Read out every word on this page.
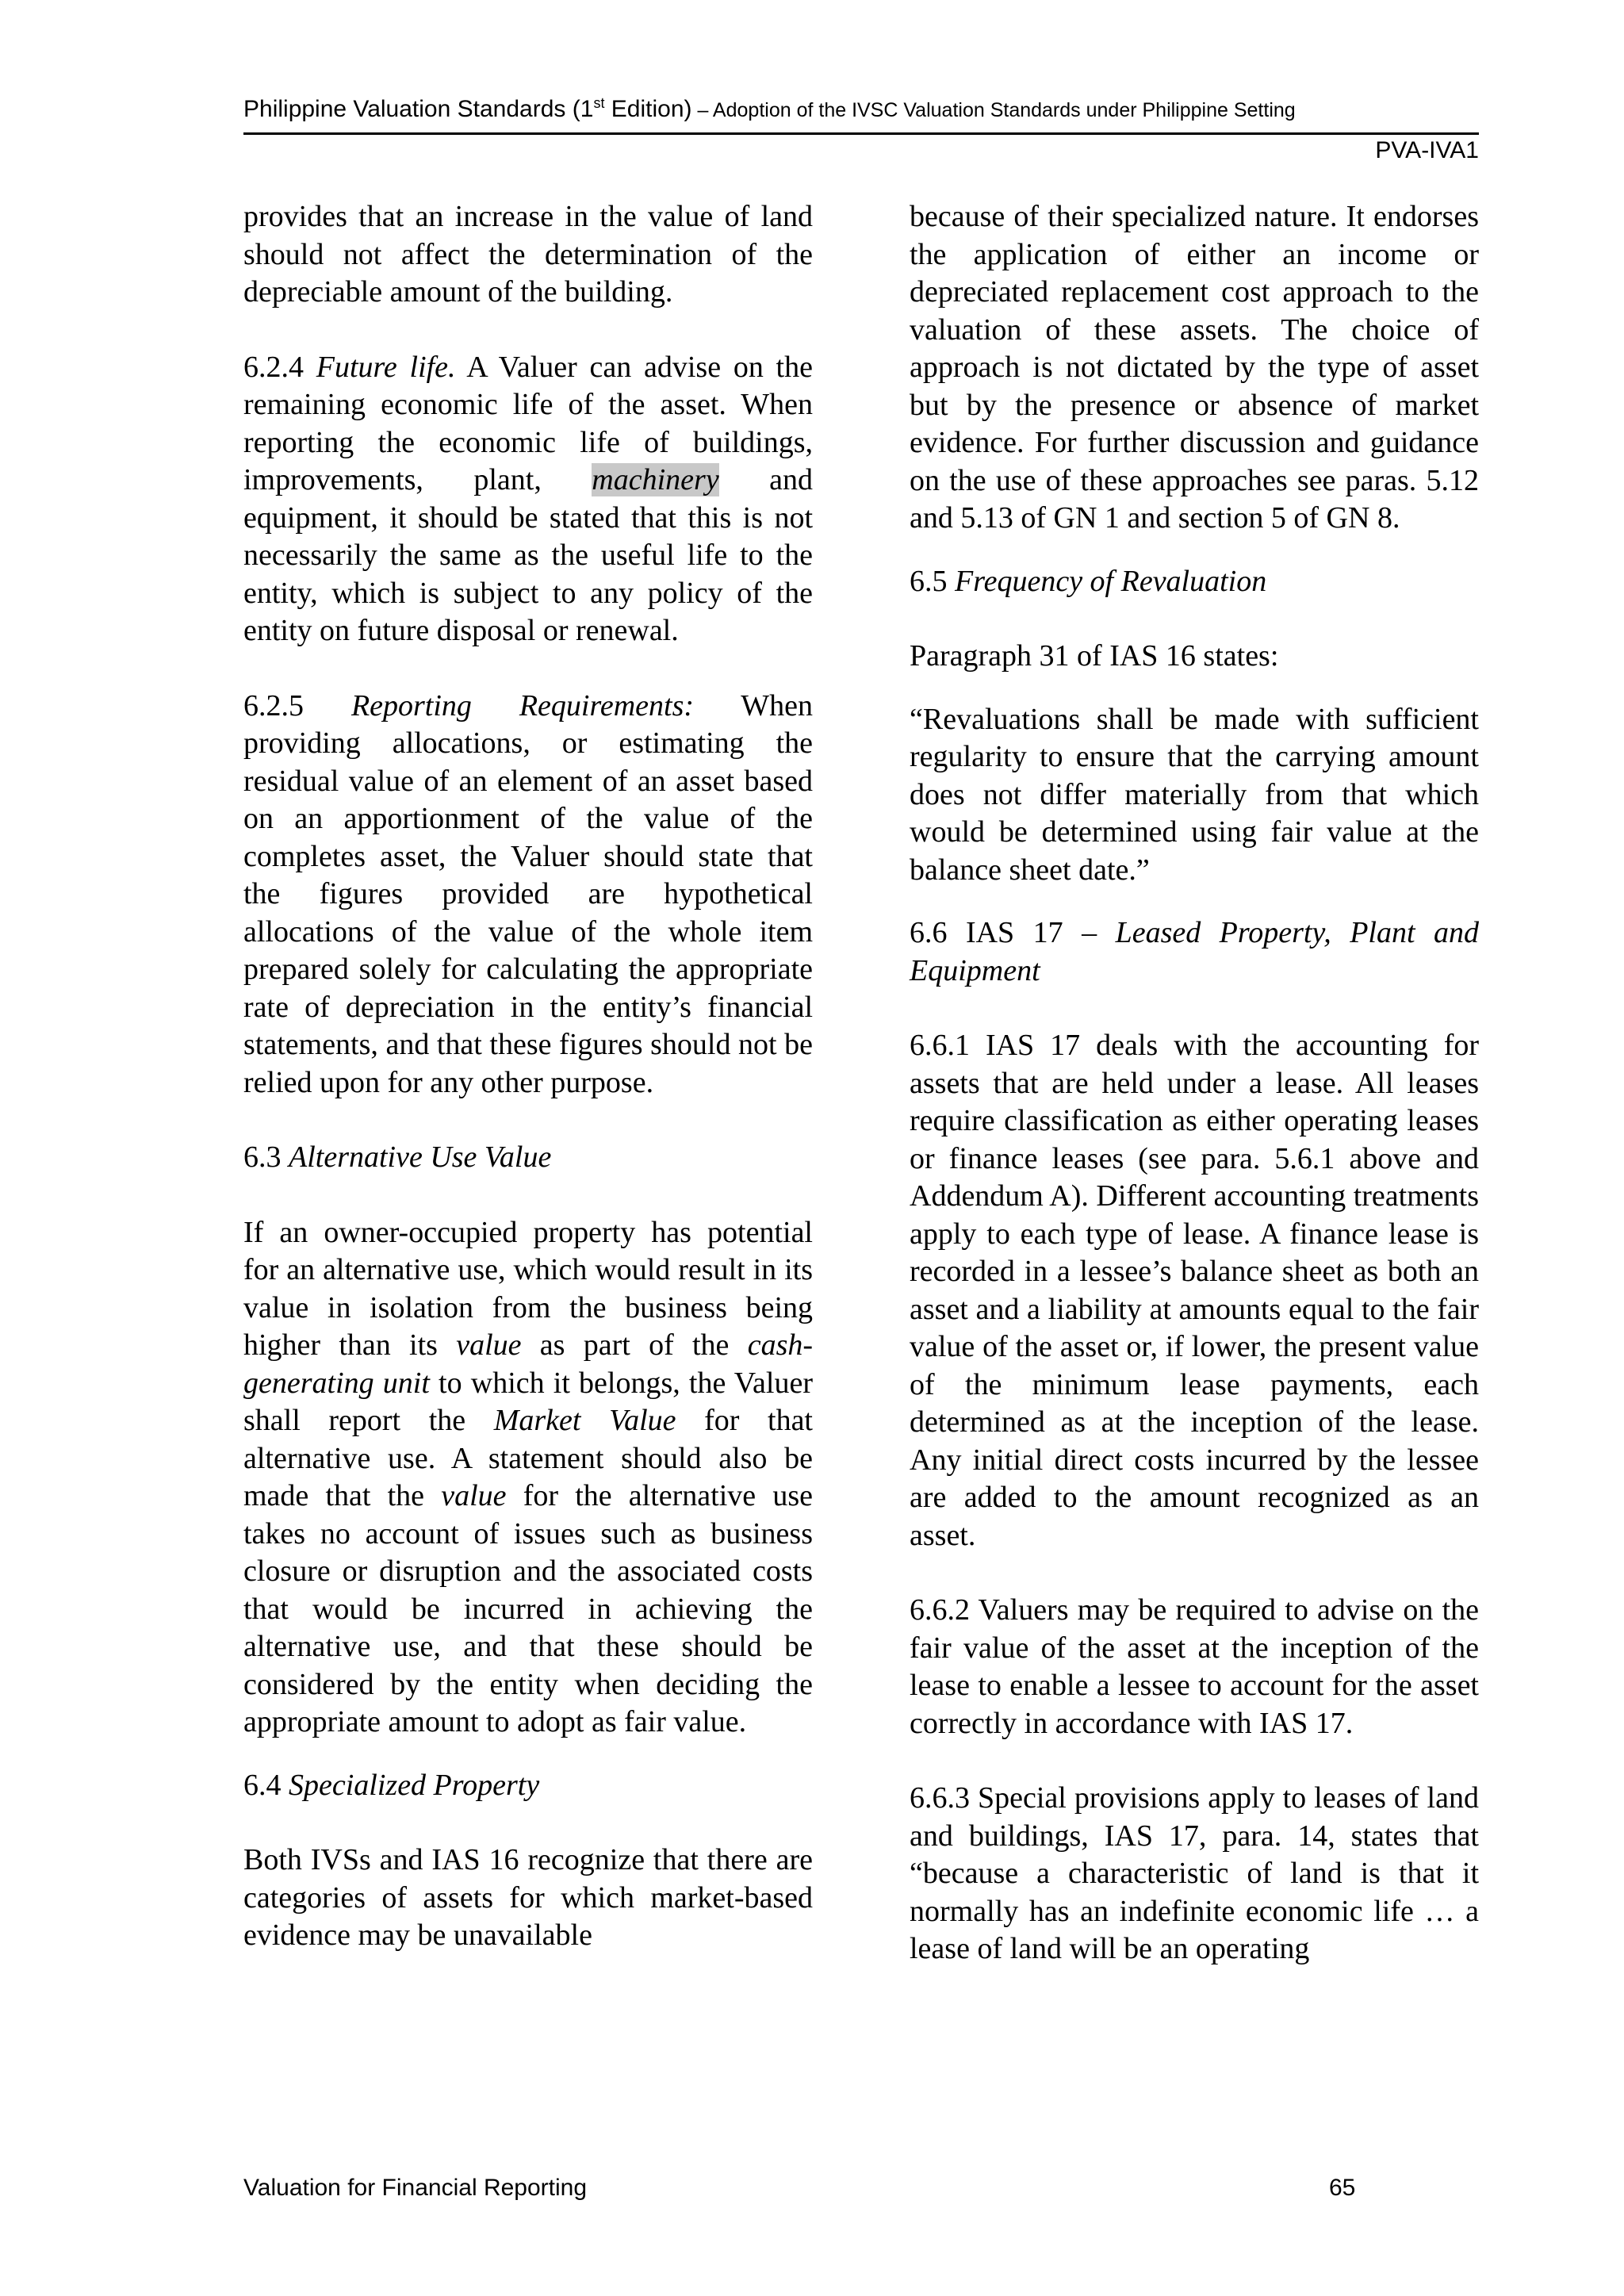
Philippine Valuation Standards (1st Edition) – Adoption of the IVSC Valuation Standards under Philippine Setting
PVA-IVA1

provides that an increase in the value of land should not affect the determination of the depreciable amount of the building.

6.2.4 Future life. A Valuer can advise on the remaining economic life of the asset. When reporting the economic life of buildings, improvements, plant, machinery and equipment, it should be stated that this is not necessarily the same as the useful life to the entity, which is subject to any policy of the entity on future disposal or renewal.

6.2.5 Reporting Requirements: When providing allocations, or estimating the residual value of an element of an asset based on an apportionment of the value of the completes asset, the Valuer should state that the figures provided are hypothetical allocations of the value of the whole item prepared solely for calculating the appropriate rate of depreciation in the entity’s financial statements, and that these figures should not be relied upon for any other purpose.

6.3 Alternative Use Value

If an owner-occupied property has potential for an alternative use, which would result in its value in isolation from the business being higher than its value as part of the cash-generating unit to which it belongs, the Valuer shall report the Market Value for that alternative use. A statement should also be made that the value for the alternative use takes no account of issues such as business closure or disruption and the associated costs that would be incurred in achieving the alternative use, and that these should be considered by the entity when deciding the appropriate amount to adopt as fair value.

6.4 Specialized Property

Both IVSs and IAS 16 recognize that there are categories of assets for which market-based evidence may be unavailable

because of their specialized nature. It endorses the application of either an income or depreciated replacement cost approach to the valuation of these assets. The choice of approach is not dictated by the type of asset but by the presence or absence of market evidence. For further discussion and guidance on the use of these approaches see paras. 5.12 and 5.13 of GN 1 and section 5 of GN 8.

6.5 Frequency of Revaluation

Paragraph 31 of IAS 16 states:

“Revaluations shall be made with sufficient regularity to ensure that the carrying amount does not differ materially from that which would be determined using fair value at the balance sheet date.”

6.6 IAS 17 – Leased Property, Plant and Equipment

6.6.1 IAS 17 deals with the accounting for assets that are held under a lease. All leases require classification as either operating leases or finance leases (see para. 5.6.1 above and Addendum A). Different accounting treatments apply to each type of lease. A finance lease is recorded in a lessee’s balance sheet as both an asset and a liability at amounts equal to the fair value of the asset or, if lower, the present value of the minimum lease payments, each determined as at the inception of the lease. Any initial direct costs incurred by the lessee are added to the amount recognized as an asset.

6.6.2 Valuers may be required to advise on the fair value of the asset at the inception of the lease to enable a lessee to account for the asset correctly in accordance with IAS 17.

6.6.3 Special provisions apply to leases of land and buildings, IAS 17, para. 14, states that “because a characteristic of land is that it normally has an indefinite economic life … a lease of land will be an operating

Valuation for Financial Reporting	65
